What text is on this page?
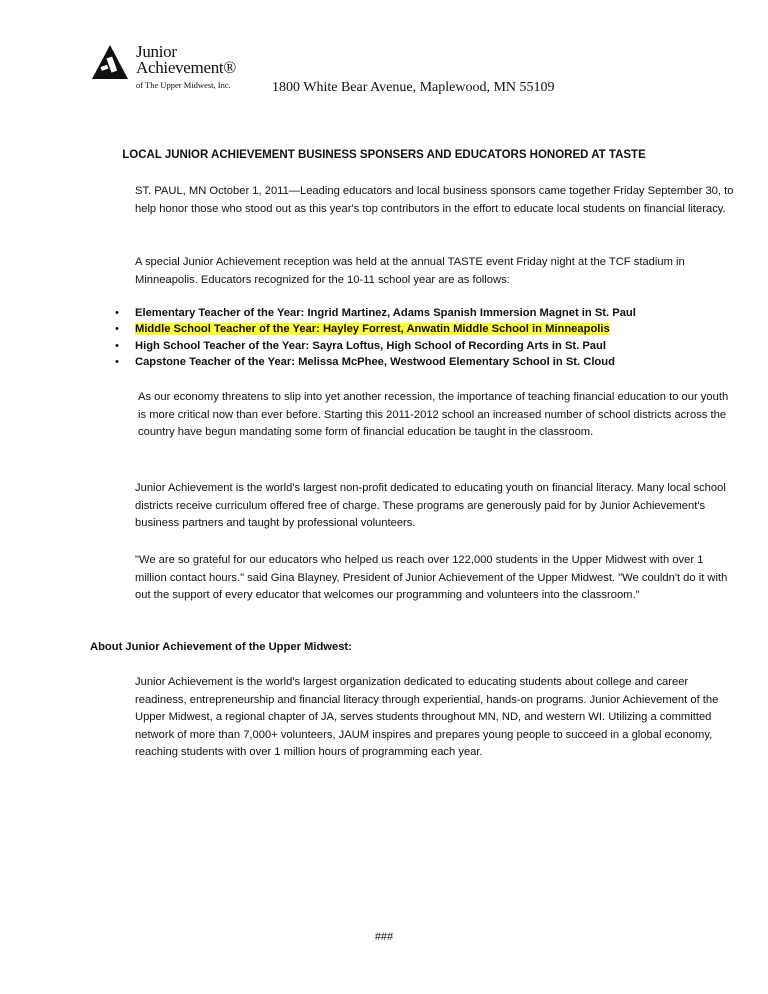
Junior
Achievement®
of The Upper Midwest, Inc.	1800 White Bear Avenue, Maplewood, MN 55109
LOCAL JUNIOR ACHIEVEMENT BUSINESS SPONSERS AND EDUCATORS HONORED AT TASTE
ST. PAUL, MN October 1, 2011—Leading educators and local business sponsors came together Friday September 30, to help honor those who stood out as this year's top contributors in the effort to educate local students on financial literacy.
A special Junior Achievement reception was held at the annual TASTE event Friday night at the TCF stadium in Minneapolis. Educators recognized for the 10-11 school year are as follows:
• Elementary Teacher of the Year: Ingrid Martinez, Adams Spanish Immersion Magnet in St. Paul
• Middle School Teacher of the Year: Hayley Forrest, Anwatin Middle School in Minneapolis
• High School Teacher of the Year: Sayra Loftus, High School of Recording Arts in St. Paul
• Capstone Teacher of the Year: Melissa McPhee, Westwood Elementary School in St. Cloud
As our economy threatens to slip into yet another recession, the importance of teaching financial education to our youth is more critical now than ever before. Starting this 2011-2012 school an increased number of school districts across the country have begun mandating some form of financial education be taught in the classroom.
Junior Achievement is the world's largest non-profit dedicated to educating youth on financial literacy. Many local school districts receive curriculum offered free of charge. These programs are generously paid for by Junior Achievement's business partners and taught by professional volunteers.
"We are so grateful for our educators who helped us reach over 122,000 students in the Upper Midwest with over 1 million contact hours." said Gina Blayney, President of Junior Achievement of the Upper Midwest. "We couldn't do it with out the support of every educator that welcomes our programming and volunteers into the classroom."
About Junior Achievement of the Upper Midwest:
Junior Achievement is the world's largest organization dedicated to educating students about college and career readiness, entrepreneurship and financial literacy through experiential, hands-on programs. Junior Achievement of the Upper Midwest, a regional chapter of JA, serves students throughout MN, ND, and western WI. Utilizing a committed network of more than 7,000+ volunteers, JAUM inspires and prepares young people to succeed in a global economy, reaching students with over 1 million hours of programming each year.
###
